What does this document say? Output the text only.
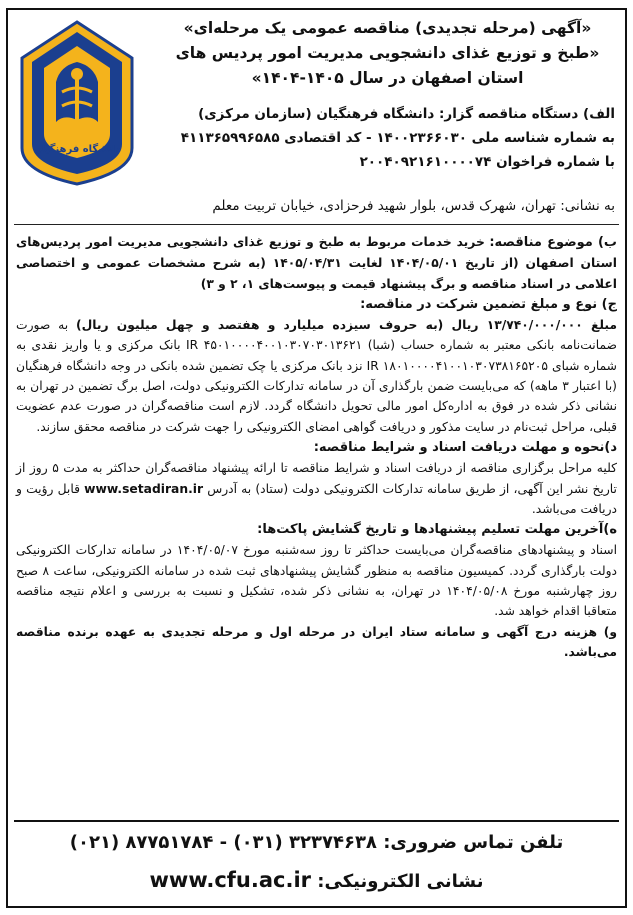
دانشگاه فرهنگیان
«آگهی (مرحله تجدیدی) مناقصه عمومی یک مرحله‌ای»
«طبخ و توزیع غذای دانشجویی مدیریت امور پردیس های
استان اصفهان در سال ۱۴۰۵-۱۴۰۴»
الف) دستگاه مناقصه گزار: دانشگاه فرهنگیان (سازمان مرکزی)
به شماره شناسه ملی ۱۴۰۰۲۳۶۶۰۳۰ - کد اقتصادی ۴۱۱۳۶۵۹۹۶۵۸۵
با شماره فراخوان ۲۰۰۴۰۹۲۱۶۱۰۰۰۰۷۴
به نشانی: تهران، شهرک قدس، بلوار شهید فرحزادی، خیابان تربیت معلم

ب) موضوع مناقصه: خرید خدمات مربوط به طبخ و توزیع غذای دانشجویی مدیریت امور پردیس‌های استان اصفهان (از تاریخ ۱۴۰۴/۰۵/۰۱ لغایت ۱۴۰۵/۰۴/۳۱ (به شرح مشخصات عمومی و اختصاصی اعلامی در اسناد مناقصه و برگ پیشنهاد قیمت و پیوست‌های ۱، ۲ و ۳)

ج) نوع و مبلغ تضمین شرکت در مناقصه:
مبلغ ۱۳/۷۴۰/۰۰۰/۰۰۰ ریال (به حروف سیزده میلیارد و هفتصد و چهل میلیون ریال) به صورت ضمانت‌نامه بانکی معتبر به شماره حساب (شبا) IR ۴۵۰۱۰۰۰۰۴۰۰۱۰۳۰۷۰۳۰۱۳۶۲۱ بانک مرکزی و یا واریز نقدی به شماره شبای IR ۱۸۰۱۰۰۰۰۴۱۰۰۱۰۳۰۷۳۸۱۶۵۲۰۵ نزد بانک مرکزی یا چک تضمین شده بانکی در وجه دانشگاه فرهنگیان (با اعتبار ۳ ماهه) که می‌بایست ضمن بارگذاری آن در سامانه تدارکات الکترونیکی دولت، اصل برگ تضمین در تهران به نشانی ذکر شده در فوق به اداره‌کل امور مالی تحویل دانشگاه گردد. لازم است مناقصه‌گران در صورت عدم عضویت قبلی، مراحل ثبت‌نام در سایت مذکور و دریافت گواهی امضای الکترونیکی را جهت شرکت در مناقصه محقق سازند.

د)نحوه و مهلت دریافت اسناد و شرایط مناقصه:
کلیه مراحل برگزاری مناقصه از دریافت اسناد و شرایط مناقصه تا ارائه پیشنهاد مناقصه‌گران حداکثر به مدت ۵ روز از تاریخ نشر این آگهی، از طریق سامانه تدارکات الکترونیکی دولت (ستاد) به آدرس www.setadiran.ir قابل رؤیت و دریافت می‌باشد.

ه)آخرین مهلت تسلیم پیشنهادها و تاریخ گشایش پاکت‌ها:
اسناد و پیشنهادهای مناقصه‌گران می‌بایست حداکثر تا روز سه‌شنبه مورخ ۱۴۰۴/۰۵/۰۷ در سامانه تدارکات الکترونیکی دولت بارگذاری گردد. کمیسیون مناقصه به منظور گشایش پیشنهادهای ثبت شده در سامانه الکترونیکی، ساعت ۸ صبح روز چهارشنبه مورخ ۱۴۰۴/۰۵/۰۸ در تهران، به نشانی ذکر شده، تشکیل و نسبت به بررسی و اعلام نتیجه مناقصه متعاقبا اقدام خواهد شد.

و) هزینه درج آگهی و سامانه ستاد ایران در مرحله اول و مرحله تجدیدی به عهده برنده مناقصه می‌باشد.

تلفن تماس ضروری: ۳۲۳۷۴۶۳۸ (۰۳۱) - ۸۷۷۵۱۷۸۴ (۰۲۱)
نشانی الکترونیکی: www.cfu.ac.ir
